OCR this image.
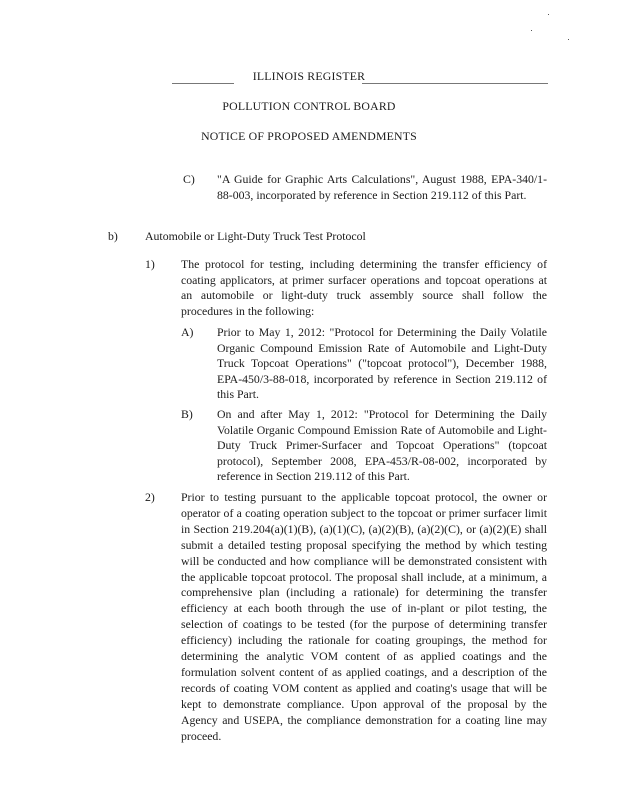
ILLINOIS REGISTER
POLLUTION CONTROL BOARD
NOTICE OF PROPOSED AMENDMENTS
C) "A Guide for Graphic Arts Calculations", August 1988, EPA-340/1-88-003, incorporated by reference in Section 219.112 of this Part.
b) Automobile or Light-Duty Truck Test Protocol
1) The protocol for testing, including determining the transfer efficiency of coating applicators, at primer surfacer operations and topcoat operations at an automobile or light-duty truck assembly source shall follow the procedures in the following:
A) Prior to May 1, 2012: "Protocol for Determining the Daily Volatile Organic Compound Emission Rate of Automobile and Light-Duty Truck Topcoat Operations" ("topcoat protocol"), December 1988, EPA-450/3-88-018, incorporated by reference in Section 219.112 of this Part.
B) On and after May 1, 2012: "Protocol for Determining the Daily Volatile Organic Compound Emission Rate of Automobile and Light-Duty Truck Primer-Surfacer and Topcoat Operations" (topcoat protocol), September 2008, EPA-453/R-08-002, incorporated by reference in Section 219.112 of this Part.
2) Prior to testing pursuant to the applicable topcoat protocol, the owner or operator of a coating operation subject to the topcoat or primer surfacer limit in Section 219.204(a)(1)(B), (a)(1)(C), (a)(2)(B), (a)(2)(C), or (a)(2)(E) shall submit a detailed testing proposal specifying the method by which testing will be conducted and how compliance will be demonstrated consistent with the applicable topcoat protocol. The proposal shall include, at a minimum, a comprehensive plan (including a rationale) for determining the transfer efficiency at each booth through the use of in-plant or pilot testing, the selection of coatings to be tested (for the purpose of determining transfer efficiency) including the rationale for coating groupings, the method for determining the analytic VOM content of as applied coatings and the formulation solvent content of as applied coatings, and a description of the records of coating VOM content as applied and coating's usage that will be kept to demonstrate compliance. Upon approval of the proposal by the Agency and USEPA, the compliance demonstration for a coating line may proceed.
